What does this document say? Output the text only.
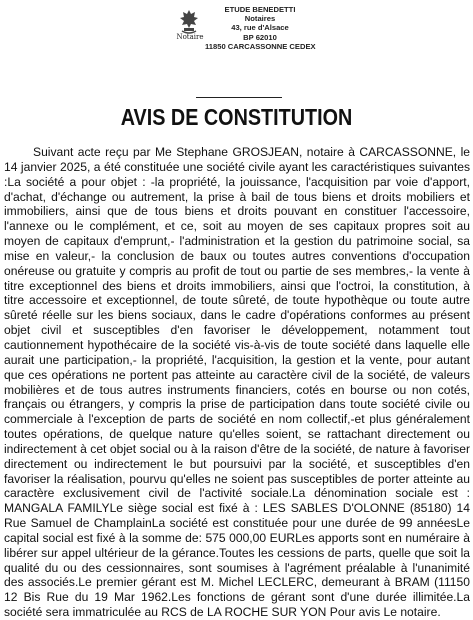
Notaire
ETUDE BENEDETTI
Notaires
43, rue d'Alsace
BP 62010
11850 CARCASSONNE CEDEX
AVIS DE CONSTITUTION

Suivant acte reçu par Me Stephane GROSJEAN, notaire à CARCASSONNE, le 14 janvier 2025, a été constituée une société civile ayant les caractéristiques suivantes :La société a pour objet : -la propriété, la jouissance, l'acquisition par voie d'apport, d'achat, d'échange ou autrement, la prise à bail de tous biens et droits mobiliers et immobiliers, ainsi que de tous biens et droits pouvant en constituer l'accessoire, l'annexe ou le complément, et ce, soit au moyen de ses capitaux propres soit au moyen de capitaux d'emprunt,- l'administration et la gestion du patrimoine social, sa mise en valeur,- la conclusion de baux ou toutes autres conventions d'occupation onéreuse ou gratuite y compris au profit de tout ou partie de ses membres,- la vente à titre exceptionnel des biens et droits immobiliers, ainsi que l'octroi, la constitution, à titre accessoire et exceptionnel, de toute sûreté, de toute hypothèque ou toute autre sûreté réelle sur les biens sociaux, dans le cadre d'opérations conformes au présent objet civil et susceptibles d'en favoriser le développement, notamment tout cautionnement hypothécaire de la société vis-à-vis de toute société dans laquelle elle aurait une participation,- la propriété, l'acquisition, la gestion et la vente, pour autant que ces opérations ne portent pas atteinte au caractère civil de la société, de valeurs mobilières et de tous autres instruments financiers, cotés en bourse ou non cotés, français ou étrangers, y compris la prise de participation dans toute société civile ou commerciale à l'exception de parts de société en nom collectif,-et plus généralement toutes opérations, de quelque nature qu'elles soient, se rattachant directement ou indirectement à cet objet social ou à la raison d'être de la société, de nature à favoriser directement ou indirectement le but poursuivi par la société, et susceptibles d'en favoriser la réalisation, pourvu qu'elles ne soient pas susceptibles de porter atteinte au caractère exclusivement civil de l'activité sociale.La dénomination sociale est : MANGALA FAMILYLe siège social est fixé à : LES SABLES D'OLONNE (85180) 14 Rue Samuel de ChamplainLa société est constituée pour une durée de 99 annéesLe capital social est fixé à la somme de: 575 000,00 EURLes apports sont en numéraire à libérer sur appel ultérieur de la gérance.Toutes les cessions de parts, quelle que soit la qualité du ou des cessionnaires, sont soumises à l'agrément préalable à l'unanimité des associés.Le premier gérant est M. Michel LECLERC, demeurant à BRAM (11150 12 Bis Rue du 19 Mar 1962.Les fonctions de gérant sont d'une durée illimitée.La société sera immatriculée au RCS de LA ROCHE SUR YON Pour avis Le notaire.
